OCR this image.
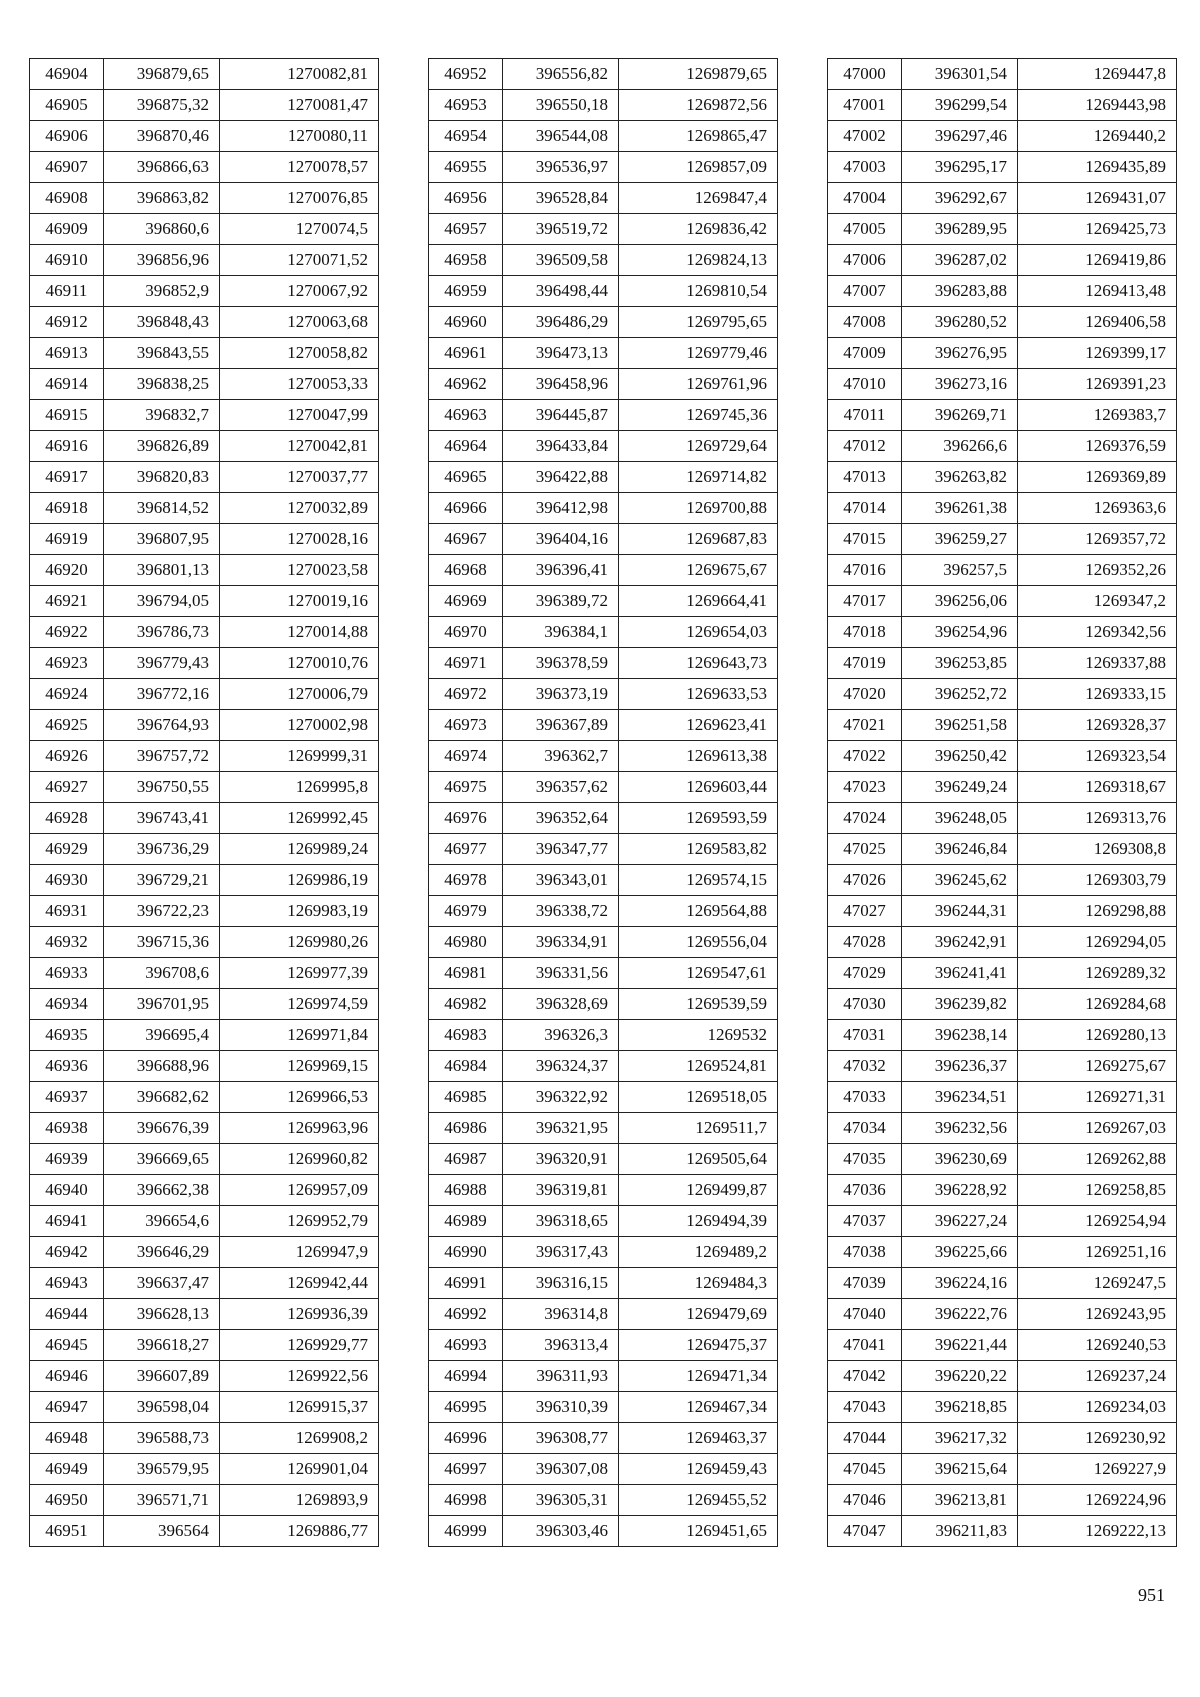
46904	396879,65	1270082,81
46905	396875,32	1270081,47
46906	396870,46	1270080,11
46907	396866,63	1270078,57
46908	396863,82	1270076,85
46909	396860,6	1270074,5
46910	396856,96	1270071,52
46911	396852,9	1270067,92
46912	396848,43	1270063,68
46913	396843,55	1270058,82
46914	396838,25	1270053,33
46915	396832,7	1270047,99
46916	396826,89	1270042,81
46917	396820,83	1270037,77
46918	396814,52	1270032,89
46919	396807,95	1270028,16
46920	396801,13	1270023,58
46921	396794,05	1270019,16
46922	396786,73	1270014,88
46923	396779,43	1270010,76
46924	396772,16	1270006,79
46925	396764,93	1270002,98
46926	396757,72	1269999,31
46927	396750,55	1269995,8
46928	396743,41	1269992,45
46929	396736,29	1269989,24
46930	396729,21	1269986,19
46931	396722,23	1269983,19
46932	396715,36	1269980,26
46933	396708,6	1269977,39
46934	396701,95	1269974,59
46935	396695,4	1269971,84
46936	396688,96	1269969,15
46937	396682,62	1269966,53
46938	396676,39	1269963,96
46939	396669,65	1269960,82
46940	396662,38	1269957,09
46941	396654,6	1269952,79
46942	396646,29	1269947,9
46943	396637,47	1269942,44
46944	396628,13	1269936,39
46945	396618,27	1269929,77
46946	396607,89	1269922,56
46947	396598,04	1269915,37
46948	396588,73	1269908,2
46949	396579,95	1269901,04
46950	396571,71	1269893,9
46951	396564	1269886,77
46952	396556,82	1269879,65
46953	396550,18	1269872,56
46954	396544,08	1269865,47
46955	396536,97	1269857,09
46956	396528,84	1269847,4
46957	396519,72	1269836,42
46958	396509,58	1269824,13
46959	396498,44	1269810,54
46960	396486,29	1269795,65
46961	396473,13	1269779,46
46962	396458,96	1269761,96
46963	396445,87	1269745,36
46964	396433,84	1269729,64
46965	396422,88	1269714,82
46966	396412,98	1269700,88
46967	396404,16	1269687,83
46968	396396,41	1269675,67
46969	396389,72	1269664,41
46970	396384,1	1269654,03
46971	396378,59	1269643,73
46972	396373,19	1269633,53
46973	396367,89	1269623,41
46974	396362,7	1269613,38
46975	396357,62	1269603,44
46976	396352,64	1269593,59
46977	396347,77	1269583,82
46978	396343,01	1269574,15
46979	396338,72	1269564,88
46980	396334,91	1269556,04
46981	396331,56	1269547,61
46982	396328,69	1269539,59
46983	396326,3	1269532
46984	396324,37	1269524,81
46985	396322,92	1269518,05
46986	396321,95	1269511,7
46987	396320,91	1269505,64
46988	396319,81	1269499,87
46989	396318,65	1269494,39
46990	396317,43	1269489,2
46991	396316,15	1269484,3
46992	396314,8	1269479,69
46993	396313,4	1269475,37
46994	396311,93	1269471,34
46995	396310,39	1269467,34
46996	396308,77	1269463,37
46997	396307,08	1269459,43
46998	396305,31	1269455,52
46999	396303,46	1269451,65
47000	396301,54	1269447,8
47001	396299,54	1269443,98
47002	396297,46	1269440,2
47003	396295,17	1269435,89
47004	396292,67	1269431,07
47005	396289,95	1269425,73
47006	396287,02	1269419,86
47007	396283,88	1269413,48
47008	396280,52	1269406,58
47009	396276,95	1269399,17
47010	396273,16	1269391,23
47011	396269,71	1269383,7
47012	396266,6	1269376,59
47013	396263,82	1269369,89
47014	396261,38	1269363,6
47015	396259,27	1269357,72
47016	396257,5	1269352,26
47017	396256,06	1269347,2
47018	396254,96	1269342,56
47019	396253,85	1269337,88
47020	396252,72	1269333,15
47021	396251,58	1269328,37
47022	396250,42	1269323,54
47023	396249,24	1269318,67
47024	396248,05	1269313,76
47025	396246,84	1269308,8
47026	396245,62	1269303,79
47027	396244,31	1269298,88
47028	396242,91	1269294,05
47029	396241,41	1269289,32
47030	396239,82	1269284,68
47031	396238,14	1269280,13
47032	396236,37	1269275,67
47033	396234,51	1269271,31
47034	396232,56	1269267,03
47035	396230,69	1269262,88
47036	396228,92	1269258,85
47037	396227,24	1269254,94
47038	396225,66	1269251,16
47039	396224,16	1269247,5
47040	396222,76	1269243,95
47041	396221,44	1269240,53
47042	396220,22	1269237,24
47043	396218,85	1269234,03
47044	396217,32	1269230,92
47045	396215,64	1269227,9
47046	396213,81	1269224,96
47047	396211,83	1269222,13
951
